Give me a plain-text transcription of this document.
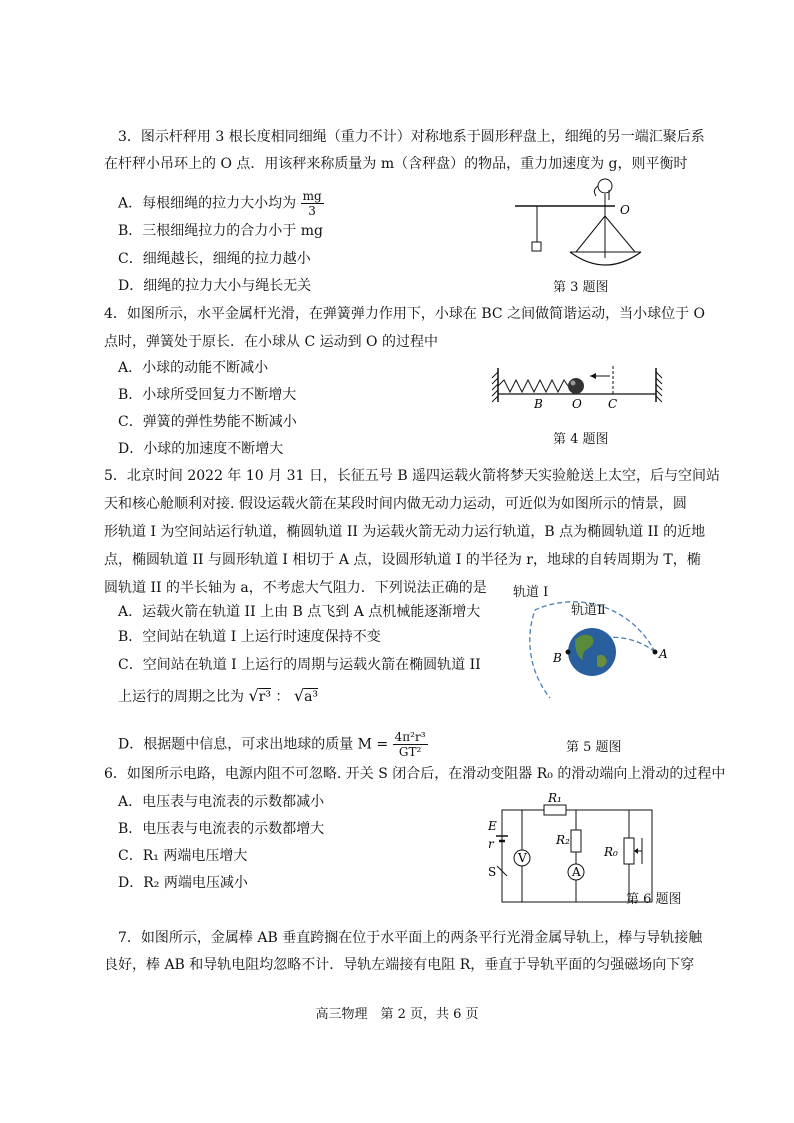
3．图示杆秤用 3 根长度相同细绳（重力不计）对称地系于圆形秤盘上，细绳的另一端汇聚后系
在杆秤小吊环上的 O 点．用该秤来称质量为 m（含秤盘）的物品，重力加速度为 g，则平衡时
A．每根细绳的拉力大小均为 $\frac{mg}{3}$
B．三根细绳拉力的合力小于 mg
C．细绳越长，细绳的拉力越小
D．细绳的拉力大小与绳长无关
O
第 3 题图
4．如图所示，水平金属杆光滑，在弹簧弹力作用下，小球在 BC 之间做简谐运动，当小球位于 O
点时，弹簧处于原长．在小球从 C 运动到 O 的过程中
A．小球的动能不断减小
B．小球所受回复力不断增大
C．弹簧的弹性势能不断减小
D．小球的加速度不断增大
B O C
第 4 题图
5．北京时间 2022 年 10 月 31 日，长征五号 B 遥四运载火箭将梦天实验舱送上太空，后与空间站
天和核心舱顺利对接. 假设运载火箭在某段时间内做无动力运动，可近似为如图所示的情景，圆
形轨道 I 为空间站运行轨道，椭圆轨道 II 为运载火箭无动力运行轨道，B 点为椭圆轨道 II 的近地
点，椭圆轨道 II 与圆形轨道 I 相切于 A 点，设圆形轨道 I 的半径为 r，地球的自转周期为 T，椭
圆轨道 II 的半长轴为 a，不考虑大气阻力．下列说法正确的是
A．运载火箭在轨道 II 上由 B 点飞到 A 点机械能逐渐增大
B．空间站在轨道 I 上运行时速度保持不变
C．空间站在轨道 I 上运行的周期与运载火箭在椭圆轨道 II
上运行的周期之比为 √r³ ： √a³
D．根据题中信息，可求出地球的质量 $M = \frac{\text{4π²r³}}{\text{GT²}}$
轨道 I
轨道Ⅱ
A
B
第 5 题图
6．如图所示电路，电源内阻不可忽略. 开关 S 闭合后，在滑动变阻器 R₀ 的滑动端向上滑动的过程中
A．电压表与电流表的示数都减小
B．电压表与电流表的示数都增大
C．R₁ 两端电压增大
D．R₂ 两端电压减小
E
r
S
V
A
R₁
R₂
R₀
第 6 题图
7．如图所示，金属棒 AB 垂直跨搁在位于水平面上的两条平行光滑金属导轨上，棒与导轨接触
良好，棒 AB 和导轨电阻均忽略不计．导轨左端接有电阻 R，垂直于导轨平面的匀强磁场向下穿
高三物理　第 2 页，共 6 页
